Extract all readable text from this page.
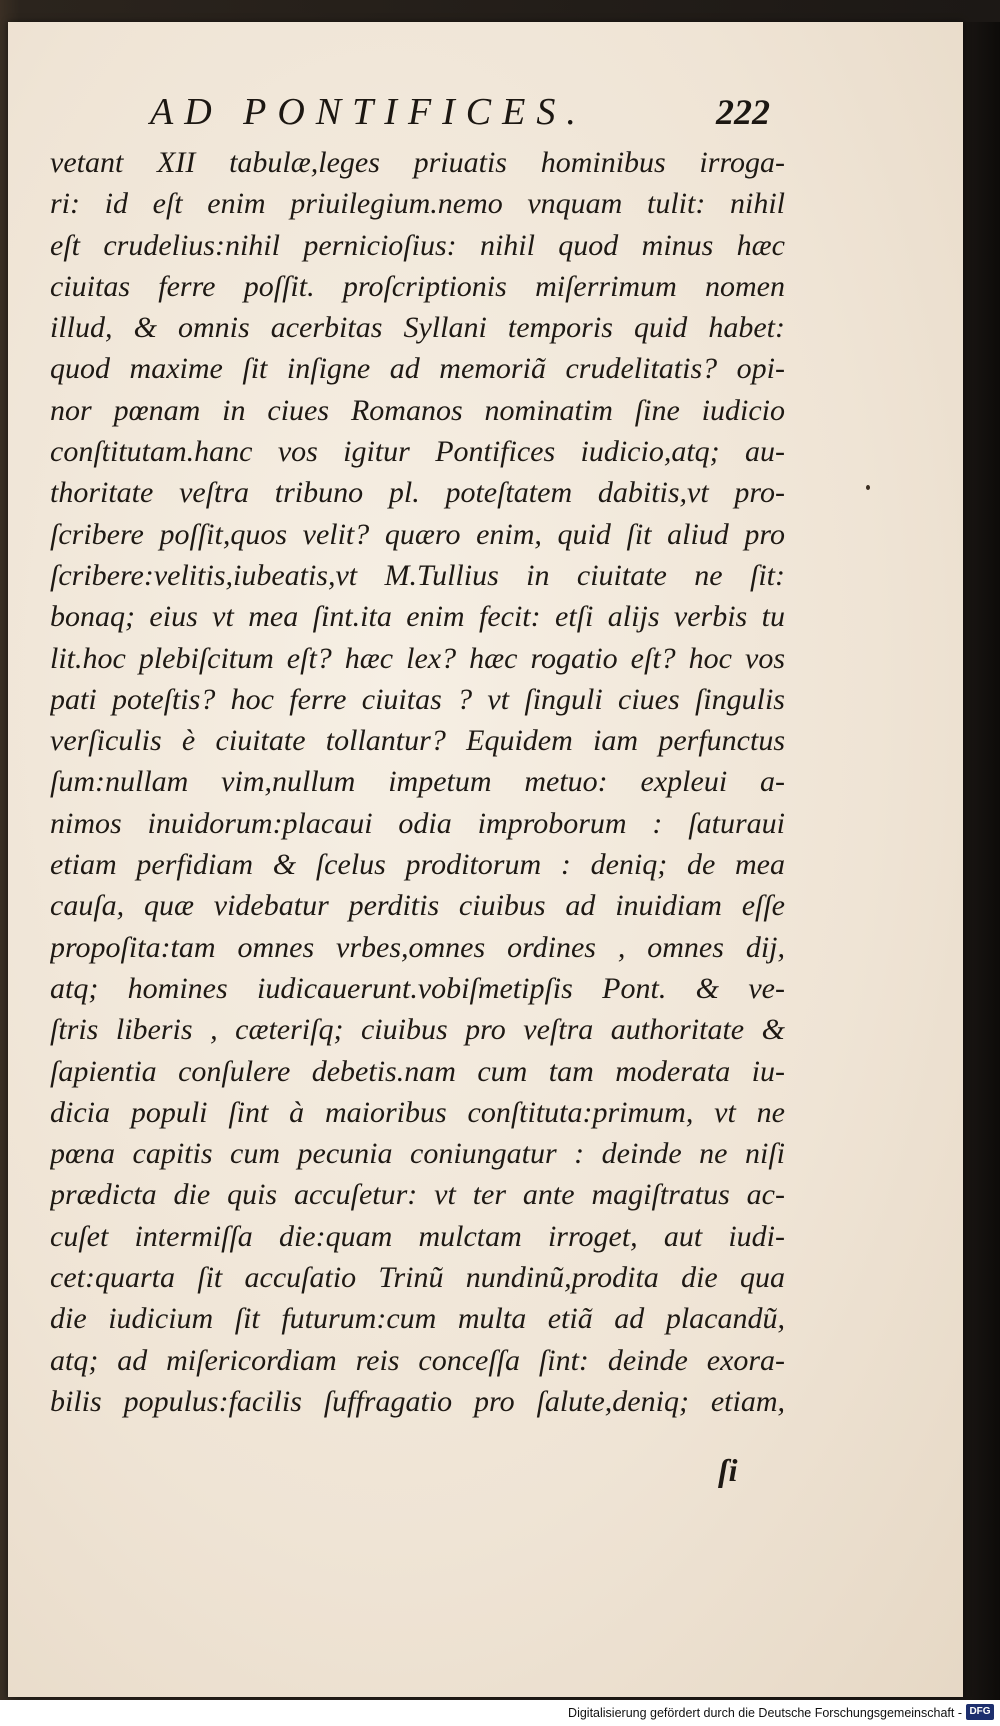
AD PONTIFICES.	222
vetant XII tabulæ,leges priuatis hominibus irroga-
ri: id eſt enim priuilegium.nemo vnquam tulit: nihil
eſt crudelius:nihil pernicioſius: nihil quod minus hæc
ciuitas ferre poſſit. proſcriptionis miſerrimum nomen
illud, & omnis acerbitas Syllani temporis quid habet:
quod maxime ſit inſigne ad memoriã crudelitatis? opi-
nor pœnam in ciues Romanos nominatim ſine iudicio
conſtitutam.hanc vos igitur Pontifices iudicio,atq; au-
thoritate veſtra tribuno pl. poteſtatem dabitis,vt pro-
ſcribere poſſit,quos velit? quæro enim, quid ſit aliud pro
ſcribere:velitis,iubeatis,vt M.Tullius in ciuitate ne ſit:
bonaq; eius vt mea ſint.ita enim fecit: etſi alijs verbis tu
lit.hoc plebiſcitum eſt? hæc lex? hæc rogatio eſt? hoc vos
pati poteſtis? hoc ferre ciuitas ? vt ſinguli ciues ſingulis
verſiculis è ciuitate tollantur? Equidem iam perfunctus
ſum:nullam vim,nullum impetum metuo: expleui a-
nimos inuidorum:placaui odia improborum : ſaturaui
etiam perfidiam & ſcelus proditorum : deniq; de mea
cauſa, quæ videbatur perditis ciuibus ad inuidiam eſſe
propoſita:tam omnes vrbes,omnes ordines , omnes dij,
atq; homines iudicauerunt.vobiſmetipſis Pont. & ve-
ſtris liberis , cæteriſq; ciuibus pro veſtra authoritate &
ſapientia conſulere debetis.nam cum tam moderata iu-
dicia populi ſint à maioribus conſtituta:primum, vt ne
pœna capitis cum pecunia coniungatur : deinde ne niſi
prædicta die quis accuſetur: vt ter ante magiſtratus ac-
cuſet intermiſſa die:quam mulctam irroget, aut iudi-
cet:quarta ſit accuſatio Trinũ nundinũ,prodita die qua
die iudicium ſit futurum:cum multa etiã ad placandũ,
atq; ad miſericordiam reis conceſſa ſint: deinde exora-
bilis populus:facilis ſuffragatio pro ſalute,deniq; etiam,
ſi
Digitalisierung gefördert durch die Deutsche Forschungsgemeinschaft - DFG
